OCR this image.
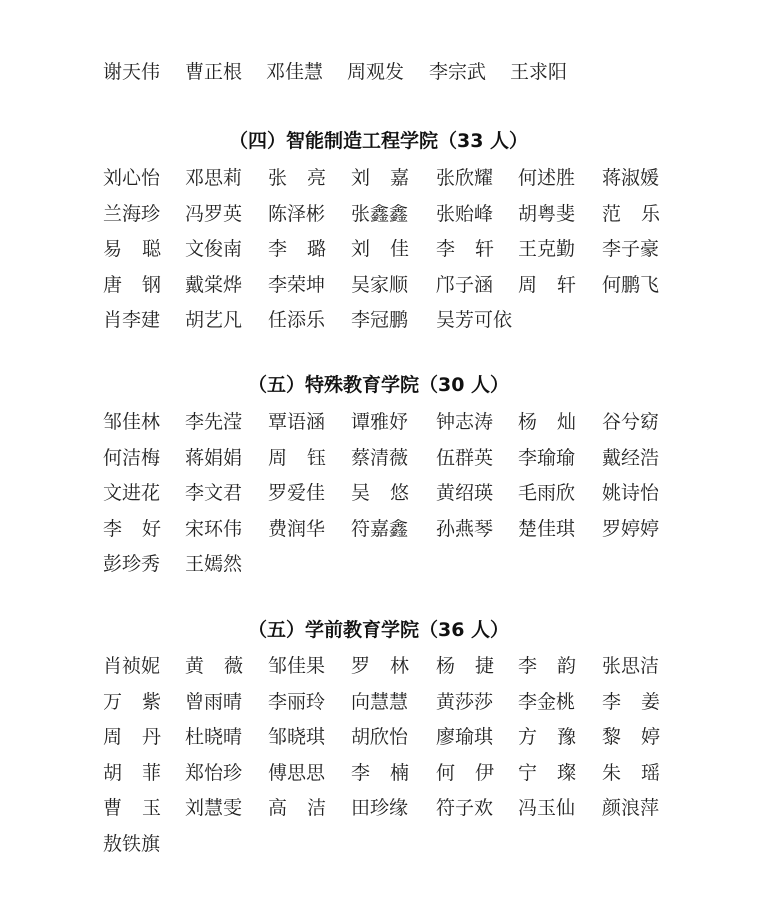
谢天伟 曹正根 邓佳慧 周观发 李宗武 王求阳
（四）智能制造工程学院（33 人）
刘心怡 邓思莉 张亮 刘嘉 张欣耀 何述胜 蒋淑媛
兰海珍 冯罗英 陈泽彬 张鑫鑫 张贻峰 胡粤斐 范乐
易聪 文俊南 李璐 刘佳 李轩 王克勤 李子豪
唐钢 戴棠烨 李荣坤 吴家顺 邝子涵 周轩 何鹏飞
肖李建 胡艺凡 任添乐 李冠鹏 吴芳可依
（五）特殊教育学院（30 人）
邹佳林 李先滢 覃语涵 谭雅妤 钟志涛 杨灿 谷兮窈
何洁梅 蒋娟娟 周钰 蔡清薇 伍群英 李瑜瑜 戴经浩
文进花 李文君 罗爱佳 吴悠 黄绍瑛 毛雨欣 姚诗怡
李好 宋环伟 费润华 符嘉鑫 孙燕琴 楚佳琪 罗婷婷
彭珍秀 王嫣然
（五）学前教育学院（36 人）
肖祯妮 黄薇 邹佳果 罗林 杨捷 李韵 张思洁
万紫 曾雨晴 李丽玲 向慧慧 黄莎莎 李金桃 李姜
周丹 杜晓晴 邹晓琪 胡欣怡 廖瑜琪 方豫 黎婷
胡菲 郑怡珍 傅思思 李楠 何伊 宁璨 朱瑶
曹玉 刘慧雯 高洁 田珍缘 符子欢 冯玉仙 颜浪萍
敖铁旗
